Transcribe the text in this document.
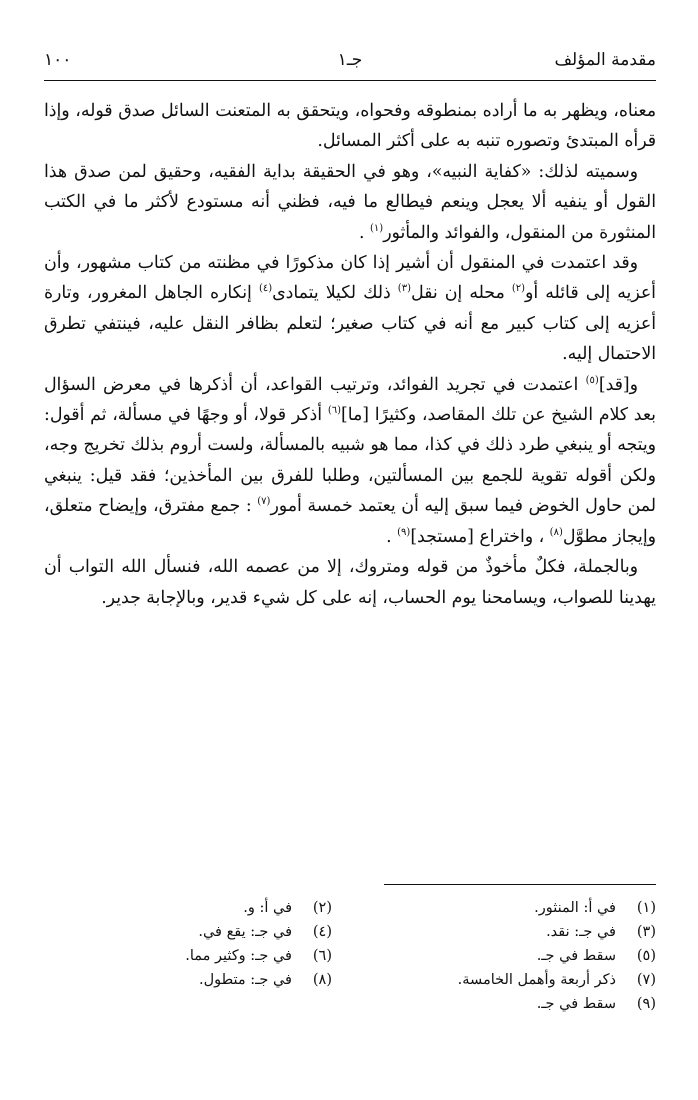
١٠٠	جـ١	مقدمة المؤلف

معناه، ويظهر به ما أراده بمنطوقه وفحواه، ويتحقق به المتعنت السائل صدق قوله، وإذا قرأه المبتدئ وتصوره تنبه به على أكثر المسائل.

وسميته لذلك: «كفاية النبيه»، وهو في الحقيقة بداية الفقيه، وحقيق لمن صدق هذا القول أو ينفيه ألا يعجل وينعم فيطالع ما فيه، فظني أنه مستودع لأكثر ما في الكتب المنثورة من المنقول، والفوائد والمأثور$^{(١)}$ .

وقد اعتمدت في المنقول أن أشير إذا كان مذكورًا في مظنته من كتاب مشهور، وأن أعزيه إلى قائله أو$^{(٢)}$ محله إن نقل$^{(٣)}$ ذلك لكيلا يتمادى$^{(٤)}$ إنكاره الجاهل المغرور، وتارة أعزيه إلى كتاب كبير مع أنه في كتاب صغير؛ لتعلم بظافر النقل عليه، فينتفي تطرق الاحتمال إليه.

و[قد]$^{(٥)}$ اعتمدت في تجريد الفوائد، وترتيب القواعد، أن أذكرها في معرض السؤال بعد كلام الشيخ عن تلك المقاصد، وكثيرًا [ما]$^{(٦)}$ أذكر قولا، أو وجهًا في مسألة، ثم أقول: ويتجه أو ينبغي طرد ذلك في كذا، مما هو شبيه بالمسألة، ولست أروم بذلك تخريج وجه، ولكن أقوله تقوية للجمع بين المسألتين، وطلبا للفرق بين المأخذين؛ فقد قيل: ينبغي لمن حاول الخوض فيما سبق إليه أن يعتمد خمسة أمور$^{(٧)}$ : جمع مفترق، وإيضاح متعلق، وإيجاز مطوَّل$^{(٨)}$ ، واختراع [مستجد]$^{(٩)}$ .

وبالجملة، فكلٌ مأخوذٌ من قوله ومتروك، إلا من عصمه الله، فنسأل الله التواب أن يهدينا للصواب، ويسامحنا يوم الحساب، إنه على كل شيء قدير، وبالإجابة جدير.

(١)في أ: المنثور.
(٢)في أ: و.
(٣)في جـ: نقد.
(٤)في جـ: يقع في.
(٥)سقط في جـ.
(٦)في جـ: وكثير مما.
(٧)ذكر أربعة وأهمل الخامسة.
(٨)في جـ: متطول.
(٩)سقط في جـ.
